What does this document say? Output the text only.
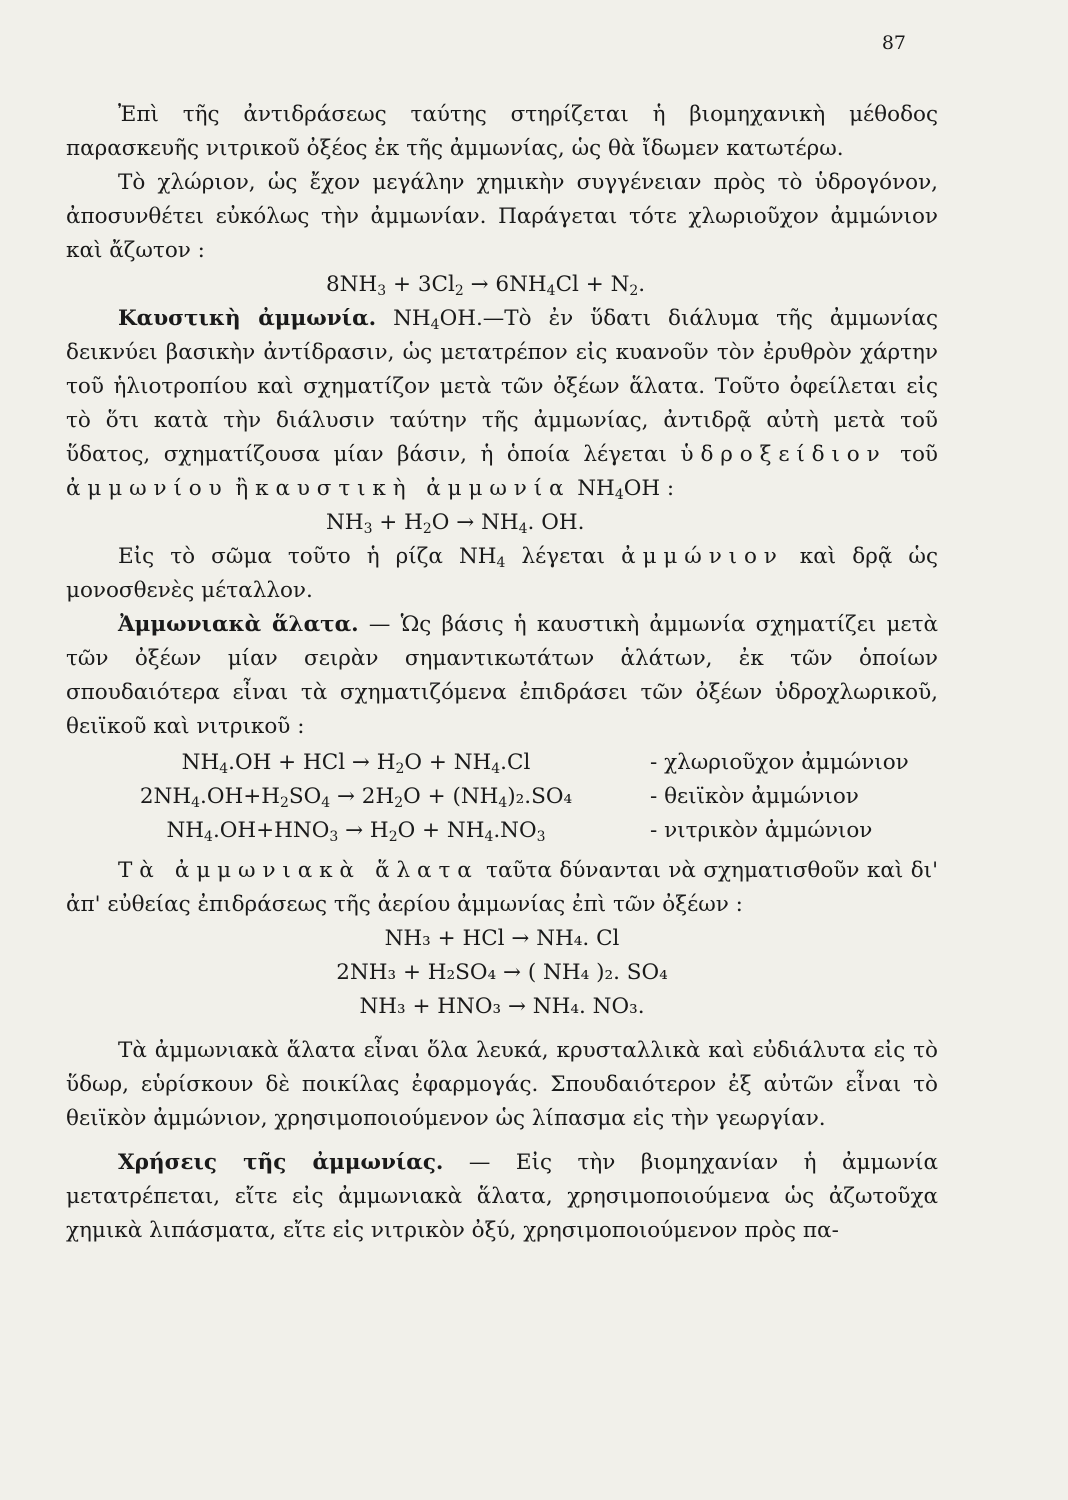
87

Ἐπὶ τῆς ἀντιδράσεως ταύτης στηρίζεται ἡ βιομηχανικὴ μέθοδος παρασκευῆς νιτρικοῦ ὀξέος ἐκ τῆς ἀμμωνίας, ὡς θὰ ἴδωμεν κατωτέρω.

Τὸ χλώριον, ὡς ἔχον μεγάλην χημικὴν συγγένειαν πρὸς τὸ ὑδρογόνον, ἀποσυνθέτει εὐκόλως τὴν ἀμμωνίαν. Παράγεται τότε χλωριοῦχον ἀμμώνιον καὶ ἄζωτον :

$8NH_3 + 3Cl_2 \to 6NH_4Cl + N_2$.

Καυστικὴ ἀμμωνία. $NH_4OH.—Tὸ$ ἐν ὕδατι διάλυμα τῆς ἀμμωνίας δεικνύει βασικὴν ἀντίδρασιν, ὡς μετατρέπον εἰς κυανοῦν τὸν ἐρυθρὸν χάρτην τοῦ ἡλιοτροπίου καὶ σχηματίζον μετὰ τῶν ὀξέων ἅλατα. Τοῦτο ὀφείλεται εἰς τὸ ὅτι κατὰ τὴν διάλυσιν ταύτην τῆς ἀμμωνίας, ἀντιδρᾷ αὐτὴ μετὰ τοῦ ὕδατος, σχηματίζουσα μίαν βάσιν, ἡ ὁποία λέγεται ὑδροξείδιον τοῦ ἀμμωνίου ἢ καυστικὴ ἀμμωνία $NH_4OH$ :

$NH_3 + H_2O \to NH_4$. OH.

Εἰς τὸ σῶμα τοῦτο ἡ ρίζα $NH_4$ λέγεται ἀμμώνιον καὶ δρᾷ ὡς μονοσθενὲς μέταλλον.

Ἀμμωνιακὰ ἅλατα. — Ὡς βάσις ἡ καυστικὴ ἀμμωνία σχηματίζει μετὰ τῶν ὀξέων μίαν σειρὰν σημαντικωτάτων ἁλάτων, ἐκ τῶν ὁποίων σπουδαιότερα εἶναι τὰ σχηματιζόμενα ἐπιδράσει τῶν ὀξέων ὑδροχλωρικοῦ, θειϊκοῦ καὶ νιτρικοῦ :

$NH_4.OH$ + HCl → $H_2O + NH_4.Cl$	- χλωριοῦχον ἀμμώνιον
$2NH_4.OH+H_2SO_4 \to 2H_2O + (NH_4)_2.SO_4$	- θειϊκὸν ἀμμώνιον
$NH_4.OH+HNO_3 \to H_2O + NH_4.NO_3$	- νιτρικὸν ἀμμώνιον

Τὰ ἀμμωνιακὰ ἅλατα ταῦτα δύνανται νὰ σχηματισθοῦν καὶ δι' ἀπ' εὐθείας ἐπιδράσεως τῆς ἀερίου ἀμμωνίας ἐπὶ τῶν ὀξέων :

NH₃ + HCl → NH₄. Cl

2NH₃ + H₂SO₄ → ( NH₄ )₂. SO₄

NH₃ + HNO₃ → NH₄. NO₃.

Τὰ ἀμμωνιακὰ ἅλατα εἶναι ὅλα λευκά, κρυσταλλικὰ καὶ εὐδιάλυτα εἰς τὸ ὕδωρ, εὑρίσκουν δὲ ποικίλας ἐφαρμογάς. Σπουδαιότερον ἐξ αὐτῶν εἶναι τὸ θειϊκὸν ἀμμώνιον, χρησιμοποιούμενον ὡς λίπασμα εἰς τὴν γεωργίαν.

Χρήσεις τῆς ἀμμωνίας. — Εἰς τὴν βιομηχανίαν ἡ ἀμμωνία μετατρέπεται, εἴτε εἰς ἀμμωνιακὰ ἅλατα, χρησιμοποιούμενα ὡς ἀζωτοῦχα χημικὰ λιπάσματα, εἴτε εἰς νιτρικὸν ὀξύ, χρησιμοποιούμενον πρὸς πα-
